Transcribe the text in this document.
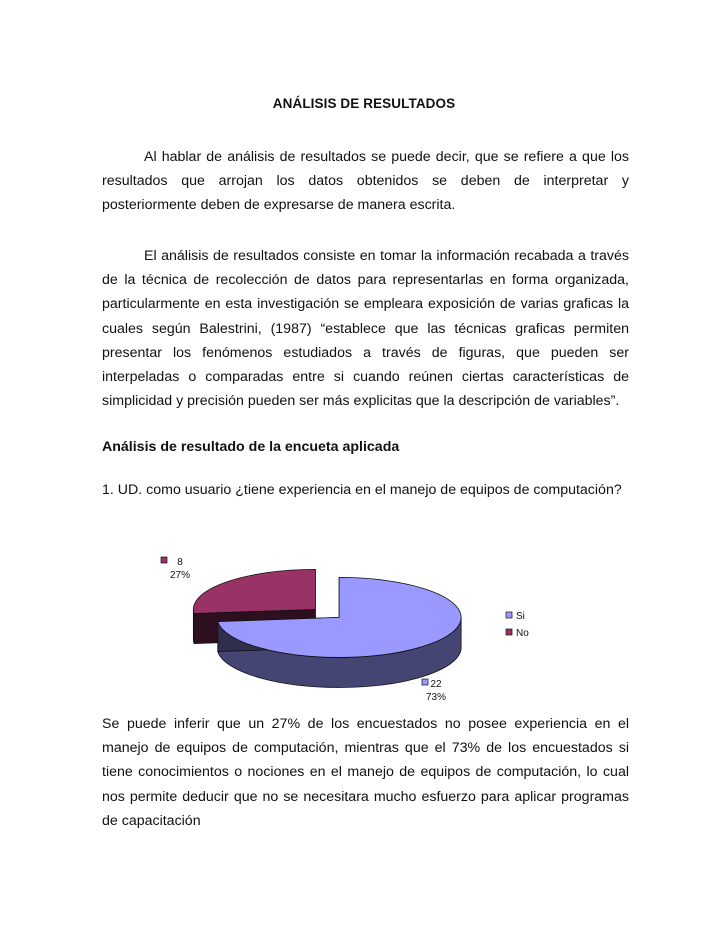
ANÁLISIS DE RESULTADOS

Al hablar de análisis de resultados se puede decir, que se refiere a que los resultados que arrojan los datos obtenidos se deben de interpretar y posteriormente deben de expresarse de manera escrita.

El análisis de resultados consiste en tomar la información recabada a través de la técnica de recolección de datos para representarlas en forma organizada, particularmente en esta investigación se empleara exposición de varias graficas la cuales según Balestrini, (1987) “establece que las técnicas graficas permiten presentar los fenómenos estudiados a través de figuras, que pueden ser interpeladas o comparadas entre si cuando reúnen ciertas características de simplicidad y precisión pueden ser más explicitas que la descripción de variables”.

Análisis de resultado de la encueta aplicada

1. UD. como usuario ¿tiene experiencia en el manejo de equipos de computación?

22
73%
8
27%
Si
No

Se puede inferir que un 27% de los encuestados no posee experiencia en el manejo de equipos de computación, mientras que el 73% de los encuestados si tiene conocimientos o nociones en el manejo de equipos de computación, lo cual nos permite deducir que no se necesitara mucho esfuerzo para aplicar programas de capacitación
